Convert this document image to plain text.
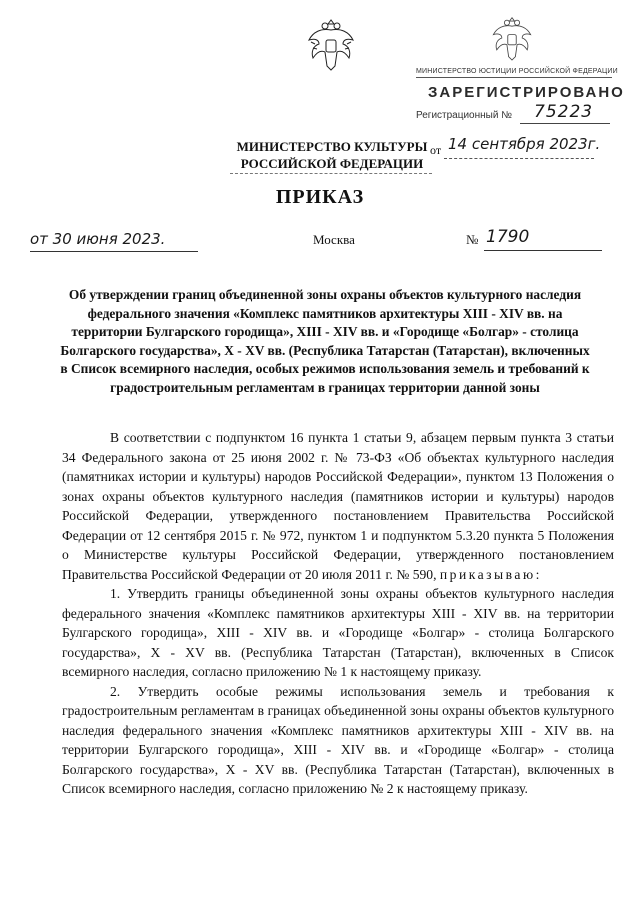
МИНИСТЕРСТВО ЮСТИЦИИ РОССИЙСКОЙ ФЕДЕРАЦИИ
ЗАРЕГИСТРИРОВАНО
Регистрационный № 75223
МИНИСТЕРСТВО КУЛЬТУРЫ
РОССИЙСКОЙ ФЕДЕРАЦИИ
от 14 сентября 2023г.
ПРИКАЗ
от 30 июня 2023.	Москва	№ 1790
Об утверждении границ объединенной зоны охраны объектов культурного наследия федерального значения «Комплекс памятников архитектуры XIII - XIV вв. на территории Булгарского городища», XIII - XIV вв. и «Городище «Болгар» - столица Болгарского государства», X - XV вв. (Республика Татарстан (Татарстан), включенных в Список всемирного наследия, особых режимов использования земель и требований к градостроительным регламентам в границах территории данной зоны

В соответствии с подпунктом 16 пункта 1 статьи 9, абзацем первым пункта 3 статьи 34 Федерального закона от 25 июня 2002 г. № 73-ФЗ «Об объектах культурного наследия (памятниках истории и культуры) народов Российской Федерации», пунктом 13 Положения о зонах охраны объектов культурного наследия (памятников истории и культуры) народов Российской Федерации, утвержденного постановлением Правительства Российской Федерации от 12 сентября 2015 г. № 972, пунктом 1 и подпунктом 5.3.20 пункта 5 Положения о Министерстве культуры Российской Федерации, утвержденного постановлением Правительства Российской Федерации от 20 июля 2011 г. № 590, приказываю:

1. Утвердить границы объединенной зоны охраны объектов культурного наследия федерального значения «Комплекс памятников архитектуры XIII - XIV вв. на территории Булгарского городища», XIII - XIV вв. и «Городище «Болгар» - столица Болгарского государства», X - XV вв. (Республика Татарстан (Татарстан), включенных в Список всемирного наследия, согласно приложению № 1 к настоящему приказу.

2. Утвердить особые режимы использования земель и требования к градостроительным регламентам в границах объединенной зоны охраны объектов культурного наследия федерального значения «Комплекс памятников архитектуры XIII - XIV вв. на территории Булгарского городища», XIII - XIV вв. и «Городище «Болгар» - столица Болгарского государства», X - XV вв. (Республика Татарстан (Татарстан), включенных в Список всемирного наследия, согласно приложению № 2 к настоящему приказу.
